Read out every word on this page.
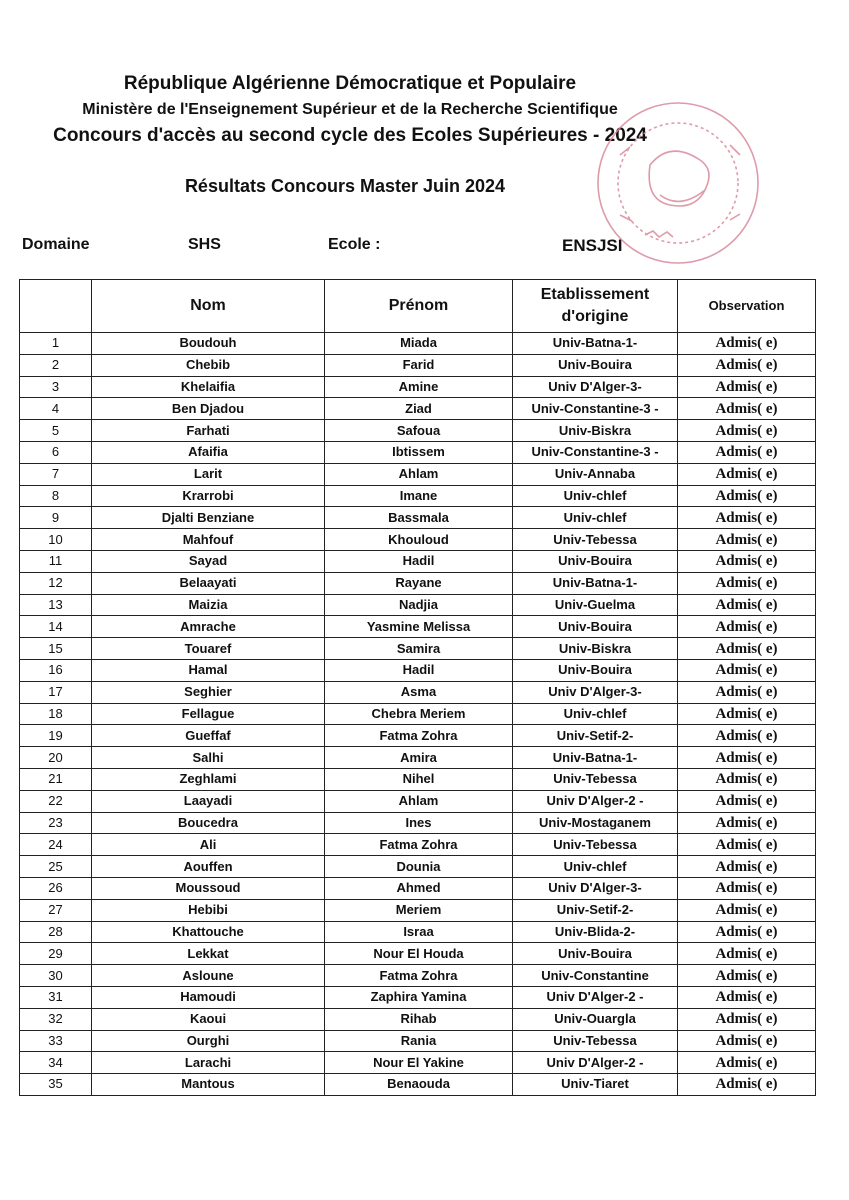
République Algérienne Démocratique et Populaire
Ministère de l'Enseignement Supérieur et de la Recherche Scientifique
Concours d'accès au second cycle des Ecoles Supérieures - 2024
Résultats Concours Master Juin 2024
Domaine	SHS	Ecole :	ENSJSI
	Nom	Prénom	Etablissement d'origine	Observation
1	Boudouh	Miada	Univ-Batna-1-	Admis( e)
2	Chebib	Farid	Univ-Bouira	Admis( e)
3	Khelaifia	Amine	Univ D'Alger-3-	Admis( e)
4	Ben Djadou	Ziad	Univ-Constantine-3 -	Admis( e)
5	Farhati	Safoua	Univ-Biskra	Admis( e)
6	Afaifia	Ibtissem	Univ-Constantine-3 -	Admis( e)
7	Larit	Ahlam	Univ-Annaba	Admis( e)
8	Krarrobi	Imane	Univ-chlef	Admis( e)
9	Djalti Benziane	Bassmala	Univ-chlef	Admis( e)
10	Mahfouf	Khouloud	Univ-Tebessa	Admis( e)
11	Sayad	Hadil	Univ-Bouira	Admis( e)
12	Belaayati	Rayane	Univ-Batna-1-	Admis( e)
13	Maizia	Nadjia	Univ-Guelma	Admis( e)
14	Amrache	Yasmine Melissa	Univ-Bouira	Admis( e)
15	Touaref	Samira	Univ-Biskra	Admis( e)
16	Hamal	Hadil	Univ-Bouira	Admis( e)
17	Seghier	Asma	Univ D'Alger-3-	Admis( e)
18	Fellague	Chebra Meriem	Univ-chlef	Admis( e)
19	Gueffaf	Fatma Zohra	Univ-Setif-2-	Admis( e)
20	Salhi	Amira	Univ-Batna-1-	Admis( e)
21	Zeghlami	Nihel	Univ-Tebessa	Admis( e)
22	Laayadi	Ahlam	Univ D'Alger-2 -	Admis( e)
23	Boucedra	Ines	Univ-Mostaganem	Admis( e)
24	Ali	Fatma Zohra	Univ-Tebessa	Admis( e)
25	Aouffen	Dounia	Univ-chlef	Admis( e)
26	Moussoud	Ahmed	Univ D'Alger-3-	Admis( e)
27	Hebibi	Meriem	Univ-Setif-2-	Admis( e)
28	Khattouche	Israa	Univ-Blida-2-	Admis( e)
29	Lekkat	Nour El Houda	Univ-Bouira	Admis( e)
30	Asloune	Fatma Zohra	Univ-Constantine	Admis( e)
31	Hamoudi	Zaphira Yamina	Univ D'Alger-2 -	Admis( e)
32	Kaoui	Rihab	Univ-Ouargla	Admis( e)
33	Ourghi	Rania	Univ-Tebessa	Admis( e)
34	Larachi	Nour El Yakine	Univ D'Alger-2 -	Admis( e)
35	Mantous	Benaouda	Univ-Tiaret	Admis( e)
